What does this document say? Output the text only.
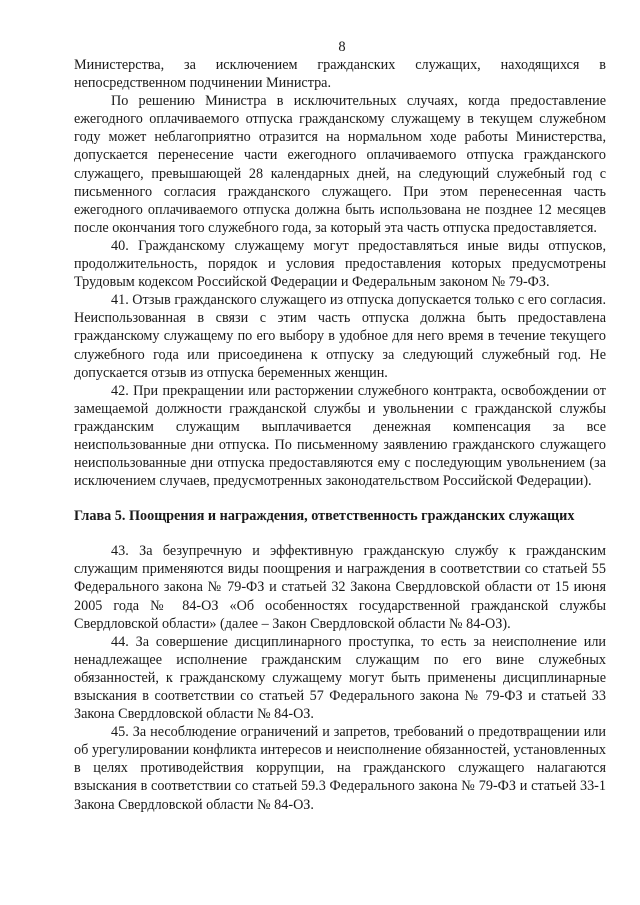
8

Министерства, за исключением гражданских служащих, находящихся в непосредственном подчинении Министра.

По решению Министра в исключительных случаях, когда предоставление ежегодного оплачиваемого отпуска гражданскому служащему в текущем служебном году может неблагоприятно отразится на нормальном ходе работы Министерства, допускается перенесение части ежегодного оплачиваемого отпуска гражданского служащего, превышающей 28 календарных дней, на следующий служебный год с письменного согласия гражданского служащего. При этом перенесенная часть ежегодного оплачиваемого отпуска должна быть использована не позднее 12 месяцев после окончания того служебного года, за который эта часть отпуска предоставляется.

40. Гражданскому служащему могут предоставляться иные виды отпусков, продолжительность, порядок и условия предоставления которых предусмотрены Трудовым кодексом Российской Федерации и Федеральным законом № 79-ФЗ.

41. Отзыв гражданского служащего из отпуска допускается только с его согласия. Неиспользованная в связи с этим часть отпуска должна быть предоставлена гражданскому служащему по его выбору в удобное для него время в течение текущего служебного года или присоединена к отпуску за следующий служебный год. Не допускается отзыв из отпуска беременных женщин.

42. При прекращении или расторжении служебного контракта, освобождении от замещаемой должности гражданской службы и увольнении с гражданской службы гражданским служащим выплачивается денежная компенсация за все неиспользованные дни отпуска. По письменному заявлению гражданского служащего неиспользованные дни отпуска предоставляются ему с последующим увольнением (за исключением случаев, предусмотренных законодательством Российской Федерации).

Глава 5. Поощрения и награждения, ответственность гражданских служащих

43. За безупречную и эффективную гражданскую службу к гражданским служащим применяются виды поощрения и награждения в соответствии со статьей 55 Федерального закона № 79-ФЗ и статьей 32 Закона Свердловской области от 15 июня 2005 года № 84-ОЗ «Об особенностях государственной гражданской службы Свердловской области» (далее – Закон Свердловской области № 84-ОЗ).

44. За совершение дисциплинарного проступка, то есть за неисполнение или ненадлежащее исполнение гражданским служащим по его вине служебных обязанностей, к гражданскому служащему могут быть применены дисциплинарные взыскания в соответствии со статьей 57 Федерального закона № 79-ФЗ и статьей 33 Закона Свердловской области № 84-ОЗ.

45. За несоблюдение ограничений и запретов, требований о предотвращении или об урегулировании конфликта интересов и неисполнение обязанностей, установленных в целях противодействия коррупции, на гражданского служащего налагаются взыскания в соответствии со статьей 59.3 Федерального закона № 79-ФЗ и статьей 33-1 Закона Свердловской области № 84-ОЗ.
